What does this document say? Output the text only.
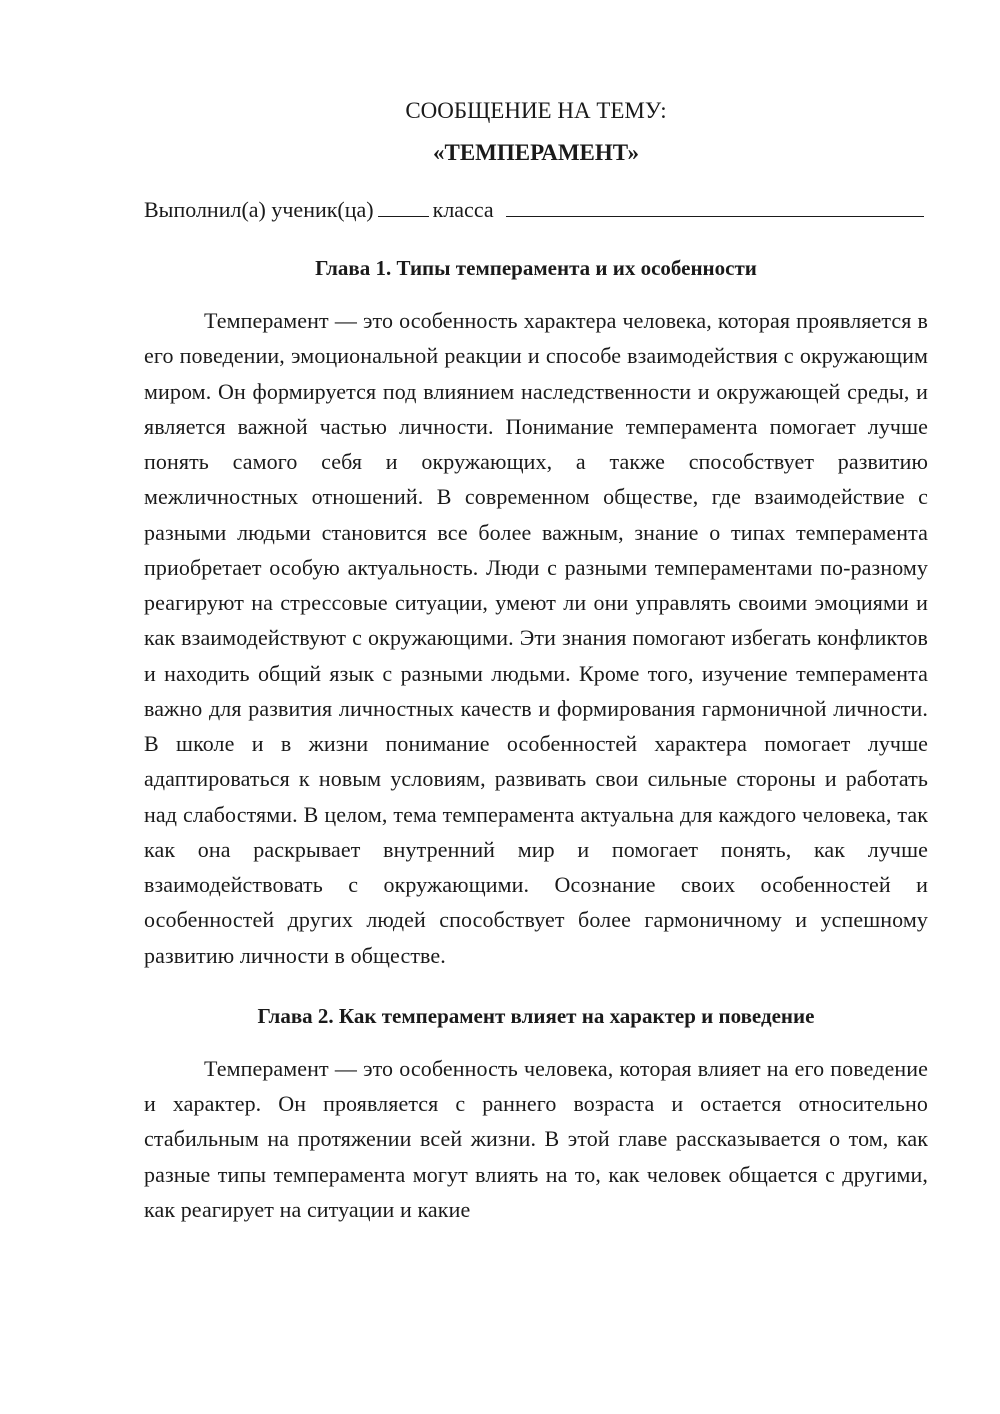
СООБЩЕНИЕ НА ТЕМУ:

«ТЕМПЕРАМЕНТ»

Выполнил(а) ученик(ца)	класса
Глава 1. Типы темперамента и их особенности

Темперамент — это особенность характера человека, которая проявляется в его поведении, эмоциональной реакции и способе взаимодействия с окружающим миром. Он формируется под влиянием наследственности и окружающей среды, и является важной частью личности. Понимание темперамента помогает лучше понять самого себя и окружающих, а также способствует развитию межличностных отношений. В современном обществе, где взаимодействие с разными людьми становится все более важным, знание о типах темперамента приобретает особую актуальность. Люди с разными темпераментами по-разному реагируют на стрессовые ситуации, умеют ли они управлять своими эмоциями и как взаимодействуют с окружающими. Эти знания помогают избегать конфликтов и находить общий язык с разными людьми. Кроме того, изучение темперамента важно для развития личностных качеств и формирования гармоничной личности. В школе и в жизни понимание особенностей характера помогает лучше адаптироваться к новым условиям, развивать свои сильные стороны и работать над слабостями. В целом, тема темперамента актуальна для каждого человека, так как она раскрывает внутренний мир и помогает понять, как лучше взаимодействовать с окружающими. Осознание своих особенностей и особенностей других людей способствует более гармоничному и успешному развитию личности в обществе.

Глава 2. Как темперамент влияет на характер и поведение

Темперамент — это особенность человека, которая влияет на его поведение и характер. Он проявляется с раннего возраста и остается относительно стабильным на протяжении всей жизни. В этой главе рассказывается о том, как разные типы темперамента могут влиять на то, как человек общается с другими, как реагирует на ситуации и какие
